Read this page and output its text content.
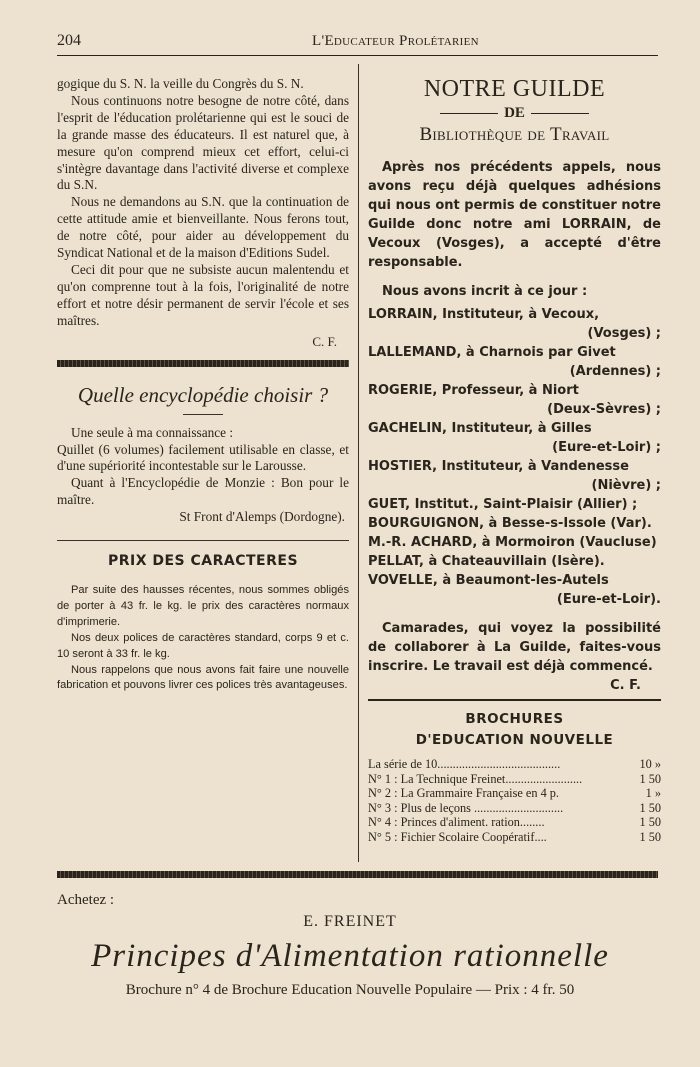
204	L'Educateur Prolétarien

gogique du S. N. la veille du Congrès du S. N.

Nous continuons notre besogne de notre côté, dans l'esprit de l'éducation prolétarienne qui est le souci de la grande masse des éducateurs. Il est naturel que, à mesure qu'on comprend mieux cet effort, celui-ci s'intègre davantage dans l'activité diverse et complexe du S.N.

Nous ne demandons au S.N. que la continuation de cette attitude amie et bienveillante. Nous ferons tout, de notre côté, pour aider au développement du Syndicat National et de la maison d'Editions Sudel.

Ceci dit pour que ne subsiste aucun malentendu et qu'on comprenne tout à la fois, l'originalité de notre effort et notre désir permanent de servir l'école et ses maîtres.

C. F.

Quelle encyclopédie choisir ?

Une seule à ma connaissance :

Quillet (6 volumes) facilement utilisable en classe, et d'une supériorité incontestable sur le Larousse.

Quant à l'Encyclopédie de Monzie : Bon pour le maître.

St Front d'Alemps (Dordogne).

PRIX DES CARACTERES

Par suite des hausses récentes, nous sommes obligés de porter à 43 fr. le kg. le prix des caractères normaux d'imprimerie.

Nos deux polices de caractères standard, corps 9 et c. 10 seront à 33 fr. le kg.

Nous rappelons que nous avons fait faire une nouvelle fabrication et pouvons livrer ces polices très avantageuses.

NOTRE GUILDE
DE
Bibliothèque de Travail

Après nos précédents appels, nous avons reçu déjà quelques adhésions qui nous ont permis de constituer notre Guilde donc notre ami LORRAIN, de Vecoux (Vosges), a accepté d'être responsable.

Nous avons incrit à ce jour :

LORRAIN, Instituteur, à Vecoux,
(Vosges) ;
LALLEMAND, à Charnois par Givet
(Ardennes) ;
ROGERIE, Professeur, à Niort
(Deux-Sèvres) ;
GACHELIN, Instituteur, à Gilles
(Eure-et-Loir) ;
HOSTIER, Instituteur, à Vandenesse
(Nièvre) ;
GUET, Institut., Saint-Plaisir (Allier) ;
BOURGUIGNON, à Besse-s-Issole (Var).
M.-R. ACHARD, à Mormoiron (Vaucluse)
PELLAT, à Chateauvillain (Isère).
VOVELLE, à Beaumont-les-Autels
(Eure-et-Loir).

Camarades, qui voyez la possibilité de collaborer à La Guilde, faites-vous inscrire. Le travail est déjà commencé.

C. F.
BROCHURES
D'EDUCATION NOUVELLE
La série de 10........................................	10 »
N° 1 : La Technique Freinet.........................	1 50
N° 2 : La Grammaire Française en 4 p.	1 »
N° 3 : Plus de leçons .............................	1 50
N° 4 : Princes d'aliment. ration........	1 50
N° 5 : Fichier Scolaire Coopératif....	1 50
Achetez :
E. FREINET
Principes d'Alimentation rationnelle
Brochure n° 4 de Brochure Education Nouvelle Populaire — Prix : 4 fr. 50
